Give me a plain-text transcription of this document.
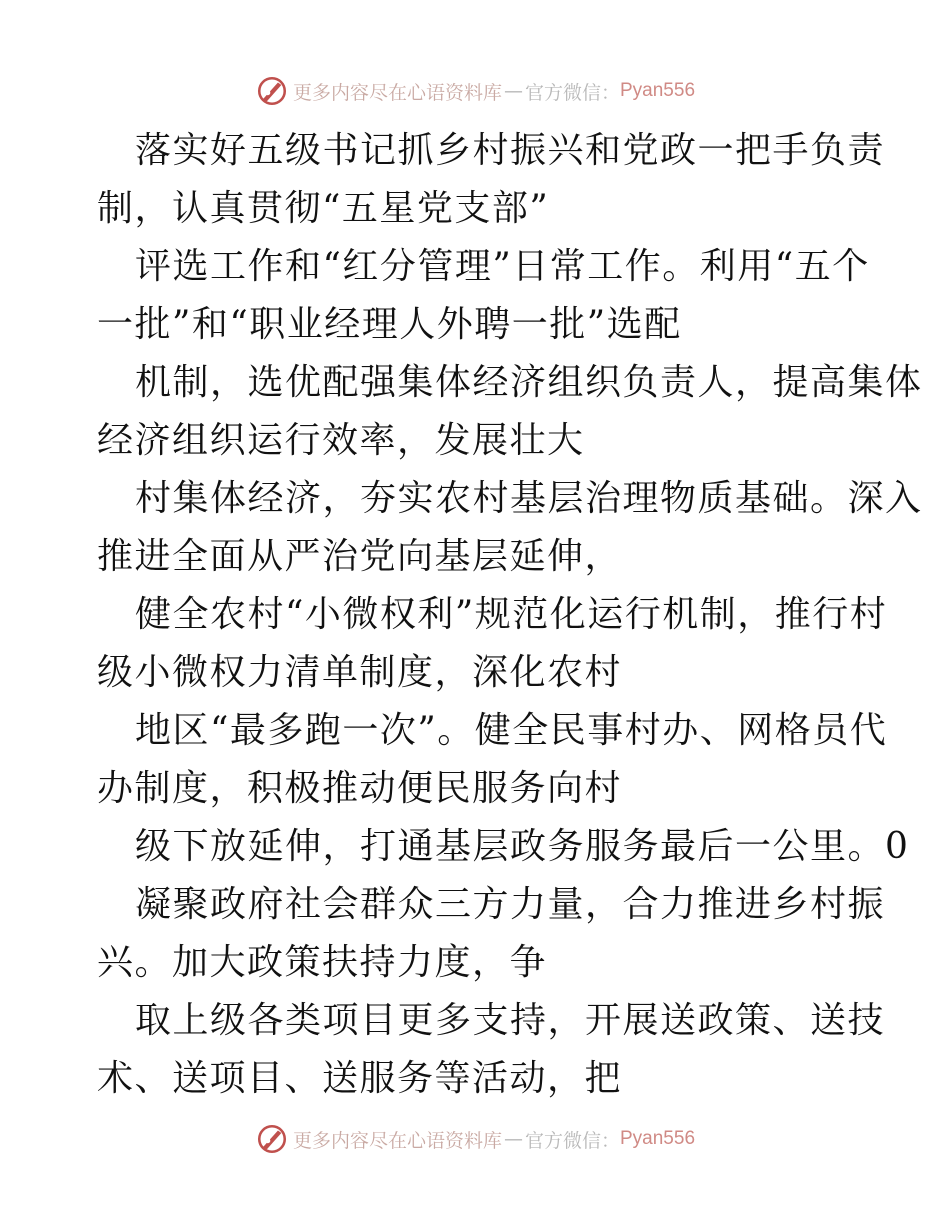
更多内容尽在心语资料库 — 官方微信： Pyan556

落实好五级书记抓乡村振兴和党政一把手负责
制，认真贯彻“五星党支部”

评选工作和“红分管理”日常工作。利用“五个
一批”和“职业经理人外聘一批”选配

机制，选优配强集体经济组织负责人，提高集体
经济组织运行效率，发展壮大

村集体经济，夯实农村基层治理物质基础。深入
推进全面从严治党向基层延伸，

健全农村“小微权利”规范化运行机制，推行村
级小微权力清单制度，深化农村

地区“最多跑一次”。健全民事村办、网格员代
办制度，积极推动便民服务向村

级下放延伸，打通基层政务服务最后一公里。0

凝聚政府社会群众三方力量，合力推进乡村振
兴。加大政策扶持力度，争

取上级各类项目更多支持，开展送政策、送技
术、送项目、送服务等活动，把

更多内容尽在心语资料库 — 官方微信： Pyan556
